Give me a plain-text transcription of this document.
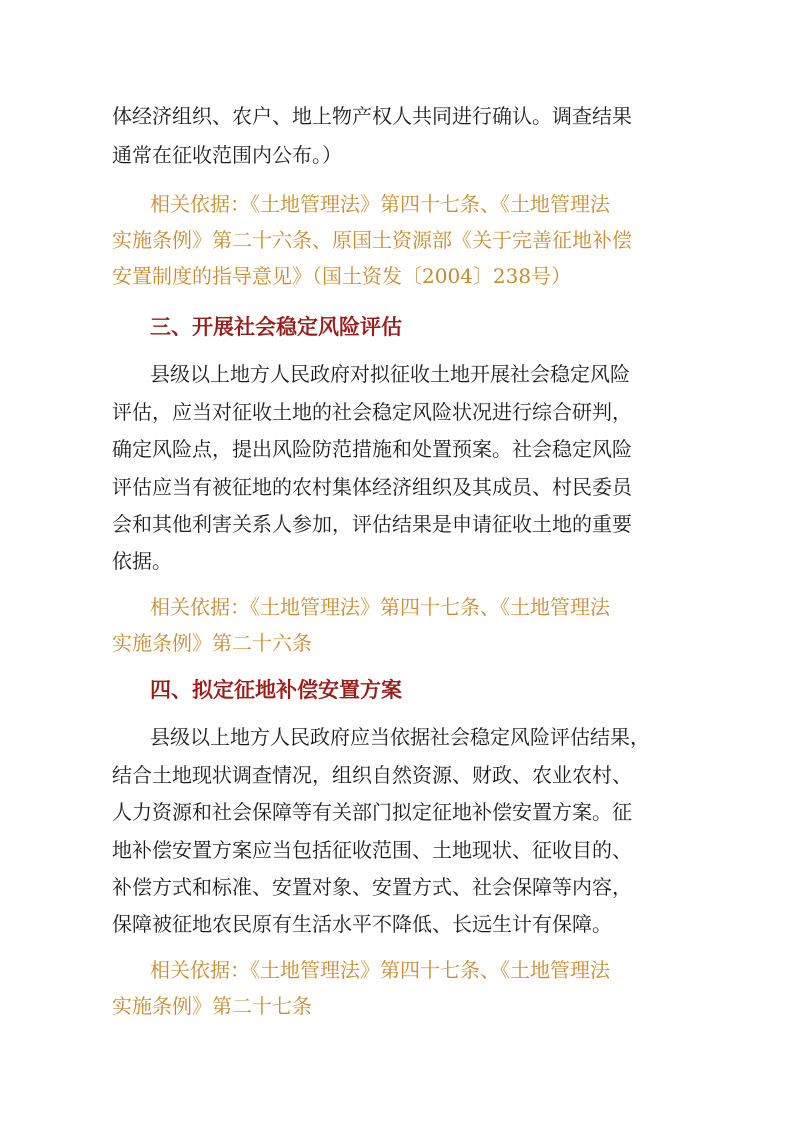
体经济组织、农户、地上物产权人共同进行确认。调查结果
通常在征收范围内公布。）
相关依据：《土地管理法》第四十七条、《土地管理法
实施条例》第二十六条、原国土资源部《关于完善征地补偿
安置制度的指导意见》（国土资发〔2004〕238号）
三、开展社会稳定风险评估
县级以上地方人民政府对拟征收土地开展社会稳定风险
评估，应当对征收土地的社会稳定风险状况进行综合研判，
确定风险点，提出风险防范措施和处置预案。社会稳定风险
评估应当有被征地的农村集体经济组织及其成员、村民委员
会和其他利害关系人参加，评估结果是申请征收土地的重要
依据。
相关依据：《土地管理法》第四十七条、《土地管理法
实施条例》第二十六条
四、拟定征地补偿安置方案
县级以上地方人民政府应当依据社会稳定风险评估结果，
结合土地现状调查情况，组织自然资源、财政、农业农村、
人力资源和社会保障等有关部门拟定征地补偿安置方案。征
地补偿安置方案应当包括征收范围、土地现状、征收目的、
补偿方式和标准、安置对象、安置方式、社会保障等内容，
保障被征地农民原有生活水平不降低、长远生计有保障。
相关依据：《土地管理法》第四十七条、《土地管理法
实施条例》第二十七条
